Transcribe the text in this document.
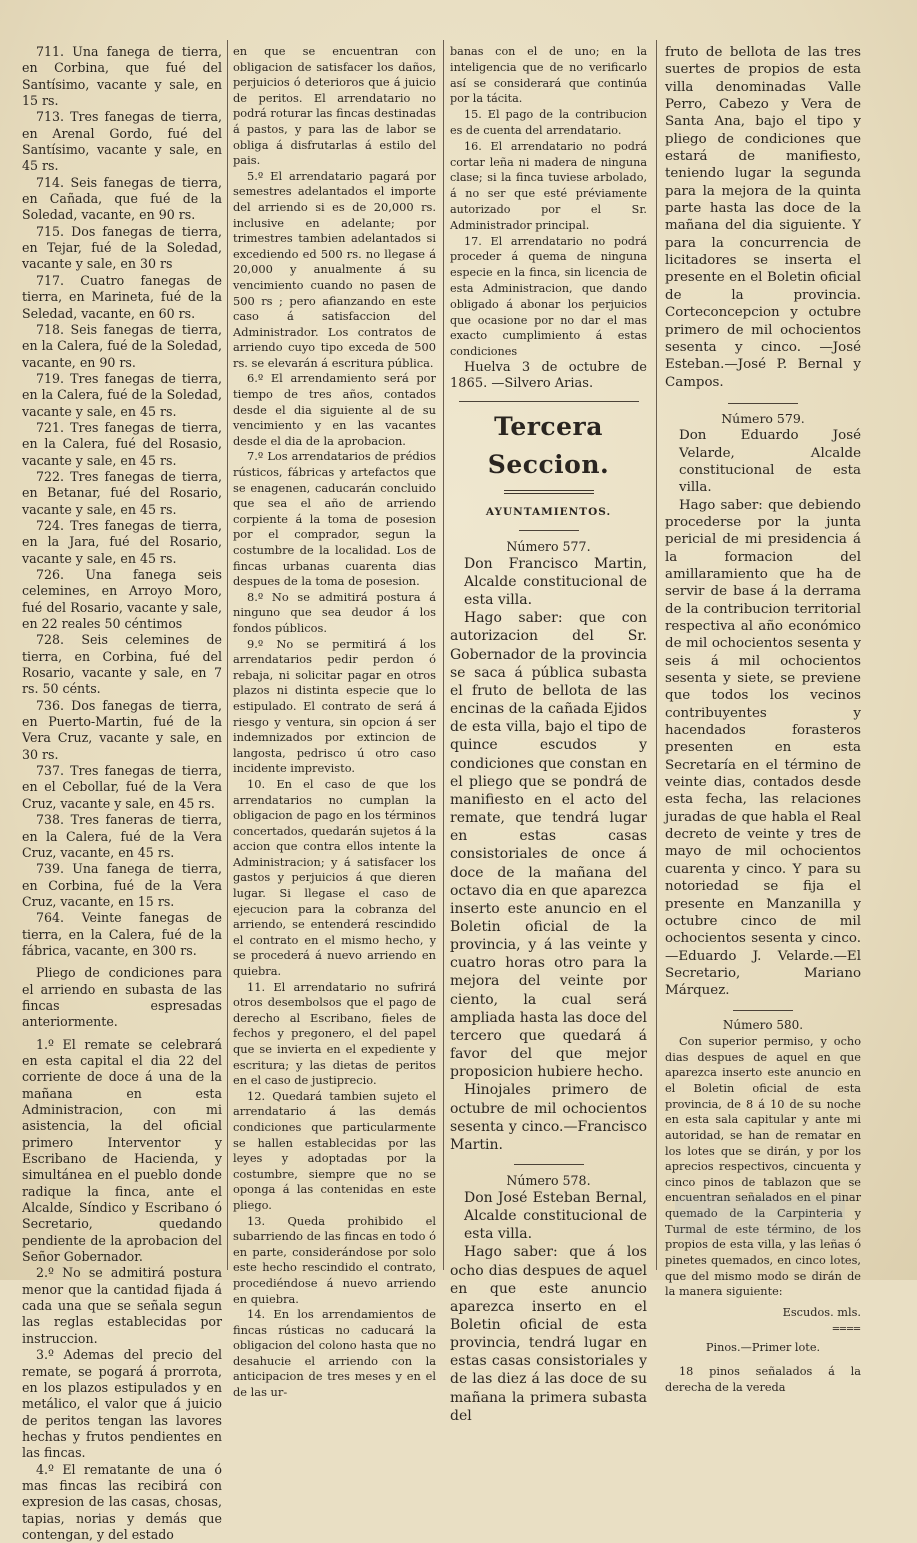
711. Una fanega de tierra, en Corbina, que fué del Santísimo, vacante y sale, en 15 rs.

713. Tres fanegas de tierra, en Arenal Gordo, fué del Santísimo, vacante y sale, en 45 rs.

714. Seis fanegas de tierra, en Cañada, que fué de la Soledad, vacante, en 90 rs.

715. Dos fanegas de tierra, en Tejar, fué de la Soledad, vacante y sale, en 30 rs

717. Cuatro fanegas de tierra, en Marineta, fué de la Seledad, vacante, en 60 rs.

718. Seis fanegas de tierra, en la Calera, fué de la Soledad, vacante, en 90 rs.

719. Tres fanegas de tierra, en la Calera, fué de la Soledad, vacante y sale, en 45 rs.

721. Tres fanegas de tierra, en la Calera, fué del Rosasio, vacante y sale, en 45 rs.

722. Tres fanegas de tierra, en Betanar, fué del Rosario, vacante y sale, en 45 rs.

724. Tres fanegas de tierra, en la Jara, fué del Rosario, vacante y sale, en 45 rs.

726. Una fanega seis celemines, en Arroyo Moro, fué del Rosario, vacante y sale, en 22 reales 50 céntimos

728. Seis celemines de tierra, en Corbina, fué del Rosario, vacante y sale, en 7 rs. 50 cénts.

736. Dos fanegas de tierra, en Puerto-Martin, fué de la Vera Cruz, vacante y sale, en 30 rs.

737. Tres fanegas de tierra, en el Cebollar, fué de la Vera Cruz, vacante y sale, en 45 rs.

738. Tres faneras de tierra, en la Calera, fué de la Vera Cruz, vacante, en 45 rs.

739. Una fanega de tierra, en Corbina, fué de la Vera Cruz, vacante, en 15 rs.

764. Veinte fanegas de tierra, en la Calera, fué de la fábrica, vacante, en 300 rs.

Pliego de condiciones para el arriendo en subasta de las fincas espresadas anteriormente.

1.º El remate se celebrará en esta capital el dia 22 del corriente de doce á una de la mañana en esta Administracion, con mi asistencia, la del oficial primero Interventor y Escribano de Hacienda, y simultánea en el pueblo donde radique la finca, ante el Alcalde, Síndico y Escribano ó Secretario, quedando pendiente de la aprobacion del Señor Gobernador.

2.º No se admitirá postura menor que la cantidad fijada á cada una que se señala segun las reglas establecidas por instruccion.

3.º Ademas del precio del remate, se pogará á prorrota, en los plazos estipulados y en metálico, el valor que á juicio de peritos tengan las lavores hechas y frutos pendientes en las fincas.

4.º El rematante de una ó mas fincas las recibirá con expresion de las casas, chosas, tapias, norias y demás que contengan, y del estado

en que se encuentran con obligacion de satisfacer los daños, perjuicios ó deterioros que á juicio de peritos. El arrendatario no podrá roturar las fincas destinadas á pastos, y para las de labor se obliga á disfrutarlas á estilo del pais.

5.º El arrendatario pagará por semestres adelantados el importe del arriendo si es de 20,000 rs. inclusive en adelante; por trimestres tambien adelantados si excediendo ed 500 rs. no llegase á 20,000 y anualmente á su vencimiento cuando no pasen de 500 rs ; pero afianzando en este caso á satisfaccion del Administrador. Los contratos de arriendo cuyo tipo exceda de 500 rs. se elevarán á escritura pública.

6.º El arrendamiento será por tiempo de tres años, contados desde el dia siguiente al de su vencimiento y en las vacantes desde el dia de la aprobacion.

7.º Los arrendatarios de prédios rústicos, fábricas y artefactos que se enagenen, caducarán concluido que sea el año de arriendo corpiente á la toma de posesion por el comprador, segun la costumbre de la localidad. Los de fincas urbanas cuarenta dias despues de la toma de posesion.

8.º No se admitirá postura á ninguno que sea deudor á los fondos públicos.

9.º No se permitirá á los arrendatarios pedir perdon ó rebaja, ni solicitar pagar en otros plazos ni distinta especie que lo estipulado. El contrato de será á riesgo y ventura, sin opcion á ser indemnizados por extincion de langosta, pedrisco ú otro caso incidente imprevisto.

10. En el caso de que los arrendatarios no cumplan la obligacion de pago en los términos concertados, quedarán sujetos á la accion que contra ellos intente la Administracion; y á satisfacer los gastos y perjuicios á que dieren lugar. Si llegase el caso de ejecucion para la cobranza del arriendo, se entenderá rescindido el contrato en el mismo hecho, y se procederá á nuevo arriendo en quiebra.

11. El arrendatario no sufrirá otros desembolsos que el pago de derecho al Escribano, fieles de fechos y pregonero, el del papel que se invierta en el expediente y escritura; y las dietas de peritos en el caso de justiprecio.

12. Quedará tambien sujeto el arrendatario á las demás condiciones que particularmente se hallen establecidas por las leyes y adoptadas por la costumbre, siempre que no se oponga á las contenidas en este pliego.

13. Queda prohibido el subarriendo de las fincas en todo ó en parte, considerándose por solo este hecho rescindido el contrato, procediéndose á nuevo arriendo en quiebra.

14. En los arrendamientos de fincas rústicas no caducará la obligacion del colono hasta que no desahucie el arriendo con la anticipacion de tres meses y en el de las ur-

banas con el de uno; en la inteligencia que de no verificarlo así se considerará que continúa por la tácita.

15. El pago de la contribucion es de cuenta del arrendatario.

16. El arrendatario no podrá cortar leña ni madera de ninguna clase; si la finca tuviese arbolado, á no ser que esté préviamente autorizado por el Sr. Administrador principal.

17. El arrendatario no podrá proceder á quema de ninguna especie en la finca, sin licencia de esta Administracion, que dando obligado á abonar los perjuicios que ocasione por no dar el mas exacto cumplimiento á estas condiciones

Huelva 3 de octubre de 1865. —Silvero Arias.

Tercera Seccion.
AYUNTAMIENTOS.

Número 577.

Don Francisco Martin, Alcalde constitucional de esta villa.

Hago saber: que con autorizacion del Sr. Gobernador de la provincia se saca á pública subasta el fruto de bellota de las encinas de la cañada Ejidos de esta villa, bajo el tipo de quince escudos y condiciones que constan en el pliego que se pondrá de manifiesto en el acto del remate, que tendrá lugar en estas casas consistoriales de once á doce de la mañana del octavo dia en que aparezca inserto este anuncio en el Boletin oficial de la provincia, y á las veinte y cuatro horas otro para la mejora del veinte por ciento, la cual será ampliada hasta las doce del tercero que quedará á favor del que mejor proposicion hubiere hecho.

Hinojales primero de octubre de mil ochocientos sesenta y cinco.—Francisco Martin.

Número 578.

Don José Esteban Bernal, Alcalde constitucional de esta villa.

Hago saber: que á los ocho dias despues de aquel en que este anuncio aparezca inserto en el Boletin oficial de esta provincia, tendrá lugar en estas casas consistoriales y de las diez á las doce de su mañana la primera subasta del

fruto de bellota de las tres suertes de propios de esta villa denominadas Valle Perro, Cabezo y Vera de Santa Ana, bajo el tipo y pliego de condiciones que estará de manifiesto, teniendo lugar la segunda para la mejora de la quinta parte hasta las doce de la mañana del dia siguiente. Y para la concurrencia de licitadores se inserta el presente en el Boletin oficial de la provincia. Corteconcepcion y octubre primero de mil ochocientos sesenta y cinco. —José Esteban.—José P. Bernal y Campos.

Número 579.

Don Eduardo José Velarde, Alcalde constitucional de esta villa.

Hago saber: que debiendo procederse por la junta pericial de mi presidencia á la formacion del amillaramiento que ha de servir de base á la derrama de la contribucion territorial respectiva al año económico de mil ochocientos sesenta y seis á mil ochocientos sesenta y siete, se previene que todos los vecinos contribuyentes y hacendados forasteros presenten en esta Secretaría en el término de veinte dias, contados desde esta fecha, las relaciones juradas de que habla el Real decreto de veinte y tres de mayo de mil ochocientos cuarenta y cinco. Y para su notoriedad se fija el presente en Manzanilla y octubre cinco de mil ochocientos sesenta y cinco.—Eduardo J. Velarde.—El Secretario, Mariano Márquez.

Número 580.

Con superior permiso, y ocho dias despues de aquel en que aparezca inserto este anuncio en el Boletin oficial de esta provincia, de 8 á 10 de su noche en esta sala capitular y ante mi autoridad, se han de rematar en los lotes que se dirán, y por los aprecios respectivos, cincuenta y cinco pinos de tablazon que se encuentran señalados en el pinar quemado de la Carpinteria y Turmal de este término, de los propios de esta villa, y las leñas ó pinetes quemados, en cinco lotes, que del mismo modo se dirán de la manera siguiente:

Escudos. mls.

════

Pinos.—Primer lote.

18 pinos señalados á la derecha de la vereda
